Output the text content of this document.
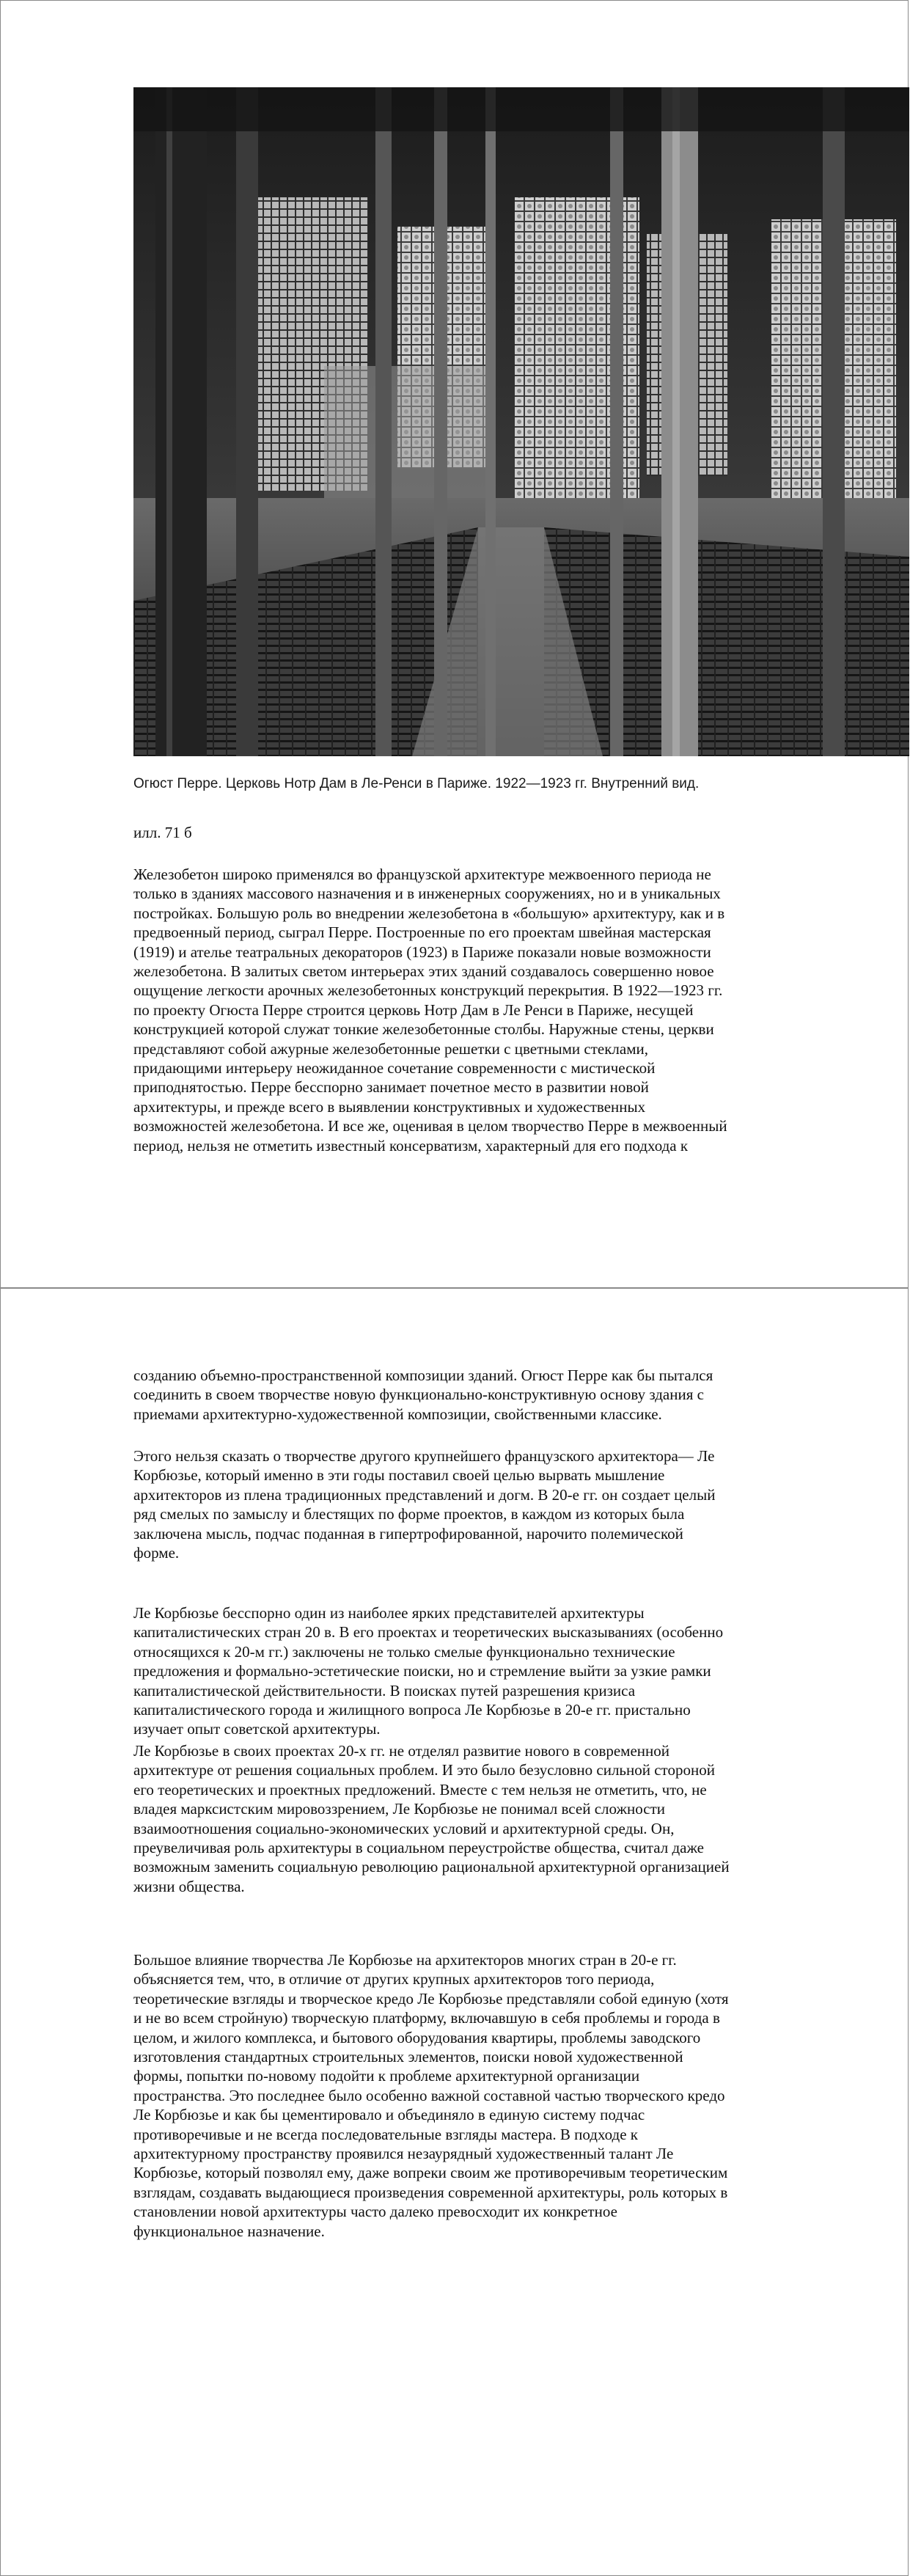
Огюст Перре. Церковь Нотр Дам в Ле-Ренси в Париже. 1922—1923 гг. Внутренний вид.
илл. 71 б

Железобетон широко применялся во французской архитектуре межвоенного периода не
только в зданиях массового назначения и в инженерных сооружениях, но и в уникальных
постройках. Большую роль во внедрении железобетона в «большую» архитектуру, как и в
предвоенный период, сыграл Перре. Построенные по его проектам швейная мастерская
(1919) и ателье театральных декораторов (1923) в Париже показали новые возможности
железобетона. В залитых светом интерьерах этих зданий создавалось совершенно новое
ощущение легкости арочных железобетонных конструкций перекрытия. В 1922—1923 гг.
по проекту Огюста Перре строится церковь Нотр Дам в Ле Ренси в Париже, несущей
конструкцией которой служат тонкие железобетонные столбы. Наружные стены, церкви
представляют собой ажурные железобетонные решетки с цветными стеклами,
придающими интерьеру неожиданное сочетание современности с мистической
приподнятостью. Перре бесспорно занимает почетное место в развитии новой
архитектуры, и прежде всего в выявлении конструктивных и художественных
возможностей железобетона. И все же, оценивая в целом творчество Перре в межвоенный
период, нельзя не отметить известный консерватизм, характерный для его подхода к

созданию объемно-пространственной композиции зданий. Огюст Перре как бы пытался
соединить в своем творчестве новую функционально-конструктивную основу здания с
приемами архитектурно-художественной композиции, свойственными классике.

Этого нельзя сказать о творчестве другого крупнейшего французского архитектора— Ле
Корбюзье, который именно в эти годы поставил своей целью вырвать мышление
архитекторов из плена традиционных представлений и догм. В 20-е гг. он создает целый
ряд смелых по замыслу и блестящих по форме проектов, в каждом из которых была
заключена мысль, подчас поданная в гипертрофированной, нарочито полемической
форме.

Ле Корбюзье бесспорно один из наиболее ярких представителей архитектуры
капиталистических стран 20 в. В его проектах и теоретических высказываниях (особенно
относящихся к 20-м гг.) заключены не только смелые функционально технические
предложения и формально-эстетические поиски, но и стремление выйти за узкие рамки
капиталистической действительности. В поисках путей разрешения кризиса
капиталистического города и жилищного вопроса Ле Корбюзье в 20-е гг. пристально
изучает опыт советской архитектуры.

Ле Корбюзье в своих проектах 20-х гг. не отделял развитие нового в современной
архитектуре от решения социальных проблем. И это было безусловно сильной стороной
его теоретических и проектных предложений. Вместе с тем нельзя не отметить, что, не
владея марксистским мировоззрением, Ле Корбюзье не понимал всей сложности
взаимоотношения социально-экономических условий и архитектурной среды. Он,
преувеличивая роль архитектуры в социальном переустройстве общества, считал даже
возможным заменить социальную революцию рациональной архитектурной организацией
жизни общества.

Большое влияние творчества Ле Корбюзье на архитекторов многих стран в 20-е гг.
объясняется тем, что, в отличие от других крупных архитекторов того периода,
теоретические взгляды и творческое кредо Ле Корбюзье представляли собой единую (хотя
и не во всем стройную) творческую платформу, включавшую в себя проблемы и города в
целом, и жилого комплекса, и бытового оборудования квартиры, проблемы заводского
изготовления стандартных строительных элементов, поиски новой художественной
формы, попытки по-новому подойти к проблеме архитектурной организации
пространства. Это последнее было особенно важной составной частью творческого кредо
Ле Корбюзье и как бы цементировало и объединяло в единую систему подчас
противоречивые и не всегда последовательные взгляды мастера. В подходе к
архитектурному пространству проявился незаурядный художественный талант Ле
Корбюзье, который позволял ему, даже вопреки своим же противоречивым теоретическим
взглядам, создавать выдающиеся произведения современной архитектуры, роль которых в
становлении новой архитектуры часто далеко превосходит их конкретное
функциональное назначение.
